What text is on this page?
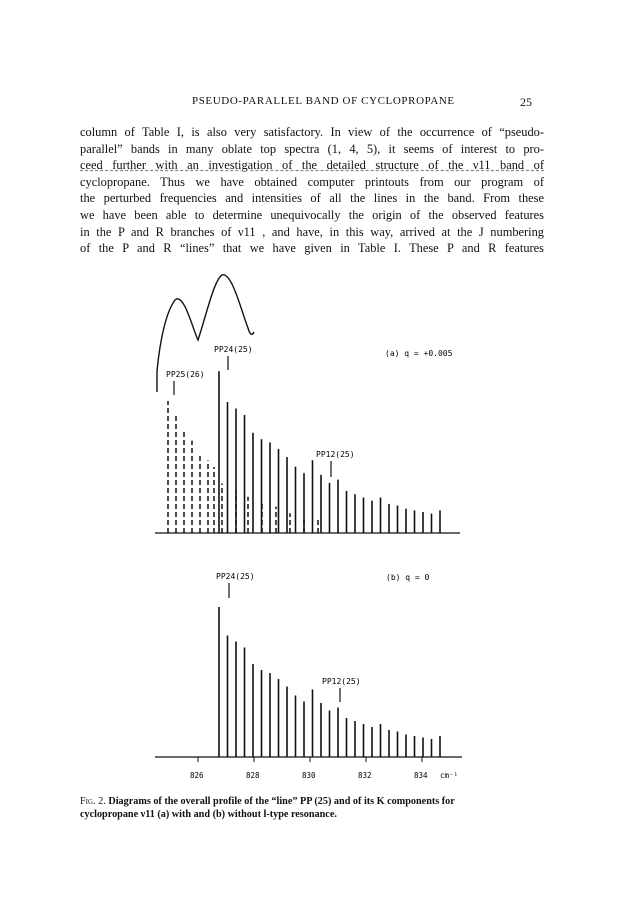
PSEUDO-PARALLEL BAND OF CYCLOPROPANE	25

column of Table I, is also very satisfactory. In view of the occurrence of “pseudo-

parallel” bands in many oblate top spectra (1, 4, 5), it seems of interest to pro-

ceed further with an investigation of the detailed structure of the ν11 band of

cyclopropane. Thus we have obtained computer printouts from our program of

the perturbed frequencies and intensities of all the lines in the band. From these

we have been able to determine unequivocally the origin of the observed features

in the P and R branches of ν11 , and have, in this way, arrived at the J numbering

of the P and R “lines” that we have given in Table I. These P and R features

(a) q = +0.005
(b) q = 0
PP25(26)
PP24(25)
PP12(25)
PP24(25)
PP12(25)
826	828	830	832	834 cm⁻¹

Fig. 2. Diagrams of the overall profile of the “line” PP (25) and of its K components for

cyclopropane ν11 (a) with and (b) without l-type resonance.
